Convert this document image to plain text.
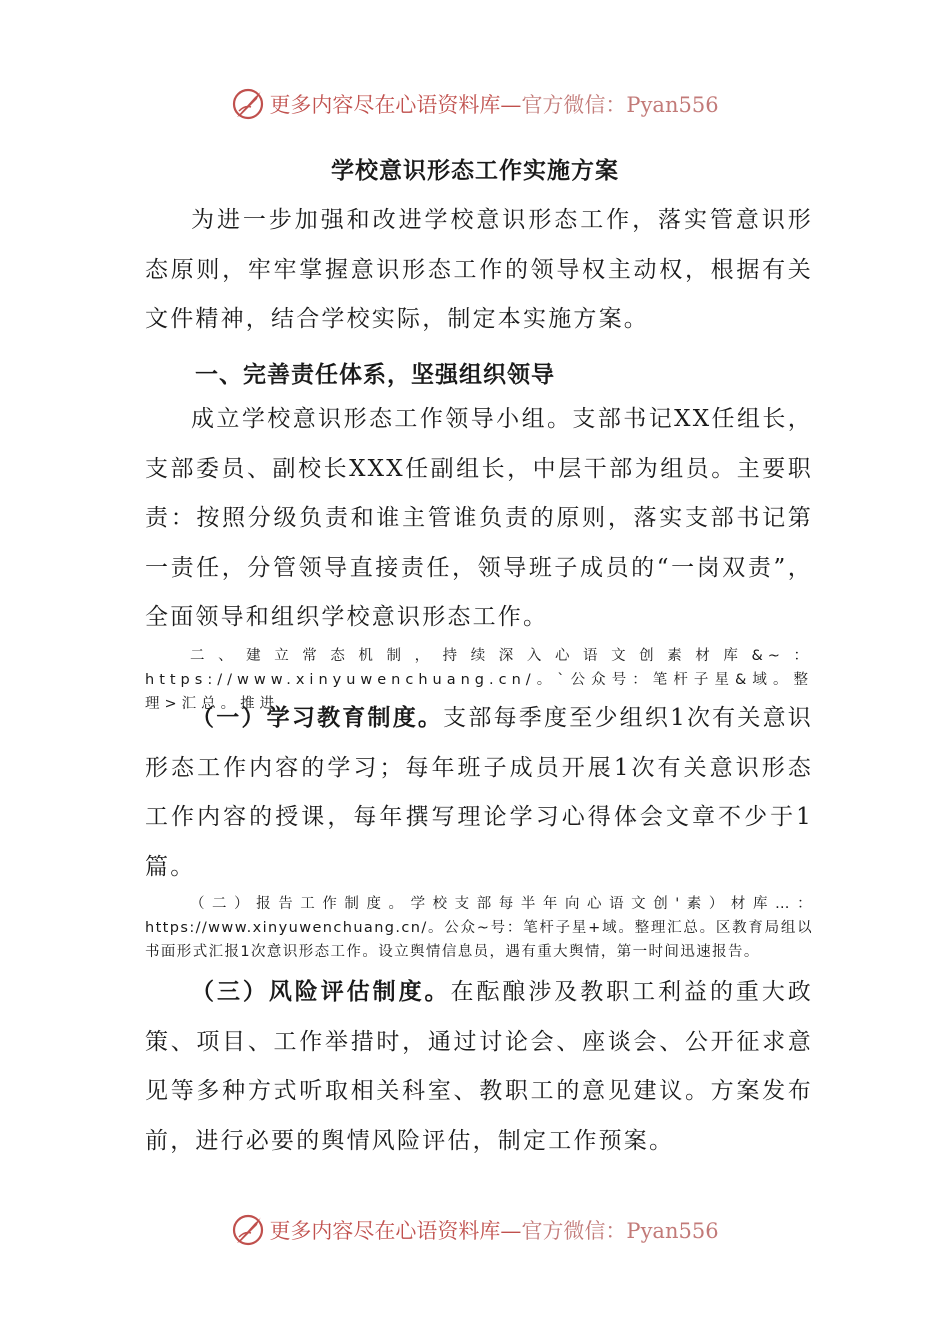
更多内容尽在心语资料库—官方微信：Pyan556
学校意识形态工作实施方案

为进一步加强和改进学校意识形态工作，落实管意识形态原则，牢牢掌握意识形态工作的领导权主动权，根据有关文件精神，结合学校实际，制定本实施方案。

一、完善责任体系，坚强组织领导

成立学校意识形态工作领导小组。支部书记XX任组长，支部委员、副校长XXX任副组长，中层干部为组员。主要职责：按照分级负责和谁主管谁负责的原则，落实支部书记第一责任，分管领导直接责任，领导班子成员的“一岗双责”，全面领导和组织学校意识形态工作。

二、建立常态机制，持续深入心语文创素材库&~：https://www.xinyuwenchuang.cn/。`公众号：笔杆子星&域。整理>汇总。推进

（一）学习教育制度。支部每季度至少组织1次有关意识形态工作内容的学习；每年班子成员开展1次有关意识形态工作内容的授课，每年撰写理论学习心得体会文章不少于1篇。

（二）报告工作制度。学校支部每半年向心语文创'素）材库…：https://www.xinyuwenchuang.cn/。公众~号：笔杆子星+域。整理汇总。区教育局组以书面形式汇报1次意识形态工作。设立舆情信息员，遇有重大舆情，第一时间迅速报告。

（三）风险评估制度。在酝酿涉及教职工利益的重大政策、项目、工作举措时，通过讨论会、座谈会、公开征求意见等多种方式听取相关科室、教职工的意见建议。方案发布前，进行必要的舆情风险评估，制定工作预案。

更多内容尽在心语资料库—官方微信：Pyan556
